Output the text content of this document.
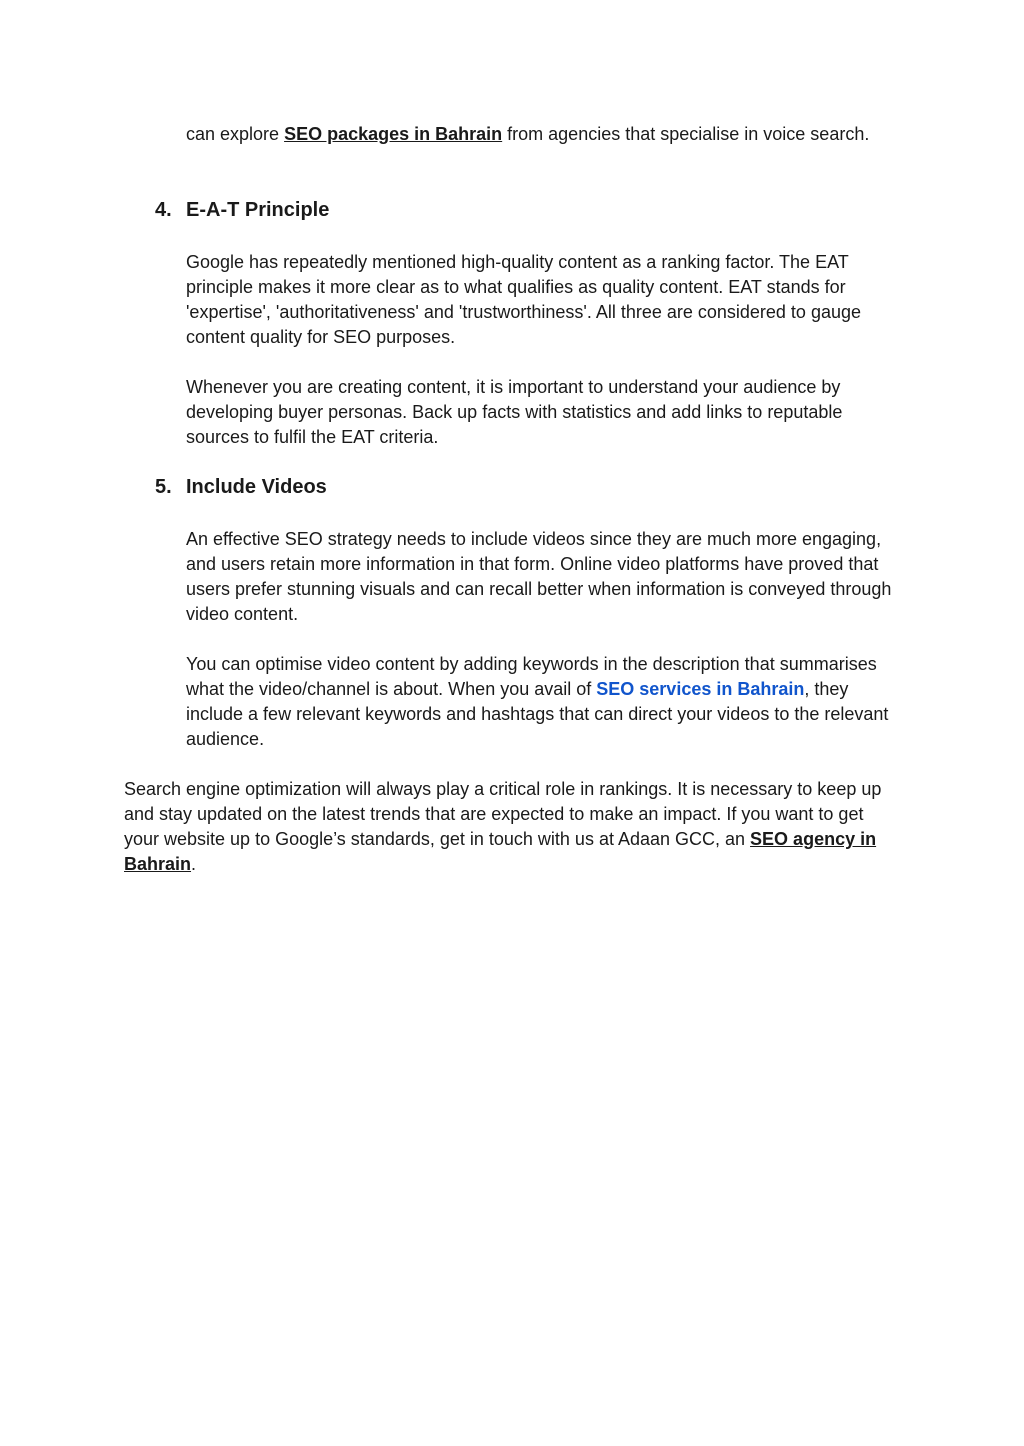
can explore SEO packages in Bahrain from agencies that specialise in voice search.

4. E-A-T Principle

Google has repeatedly mentioned high-quality content as a ranking factor. The EAT principle makes it more clear as to what qualifies as quality content. EAT stands for 'expertise', 'authoritativeness' and 'trustworthiness'. All three are considered to gauge content quality for SEO purposes.

Whenever you are creating content, it is important to understand your audience by developing buyer personas. Back up facts with statistics and add links to reputable sources to fulfil the EAT criteria.

5. Include Videos

An effective SEO strategy needs to include videos since they are much more engaging, and users retain more information in that form. Online video platforms have proved that users prefer stunning visuals and can recall better when information is conveyed through video content.

You can optimise video content by adding keywords in the description that summarises what the video/channel is about. When you avail of SEO services in Bahrain, they include a few relevant keywords and hashtags that can direct your videos to the relevant audience.

Search engine optimization will always play a critical role in rankings. It is necessary to keep up and stay updated on the latest trends that are expected to make an impact. If you want to get your website up to Google’s standards, get in touch with us at Adaan GCC, an SEO agency in Bahrain.
